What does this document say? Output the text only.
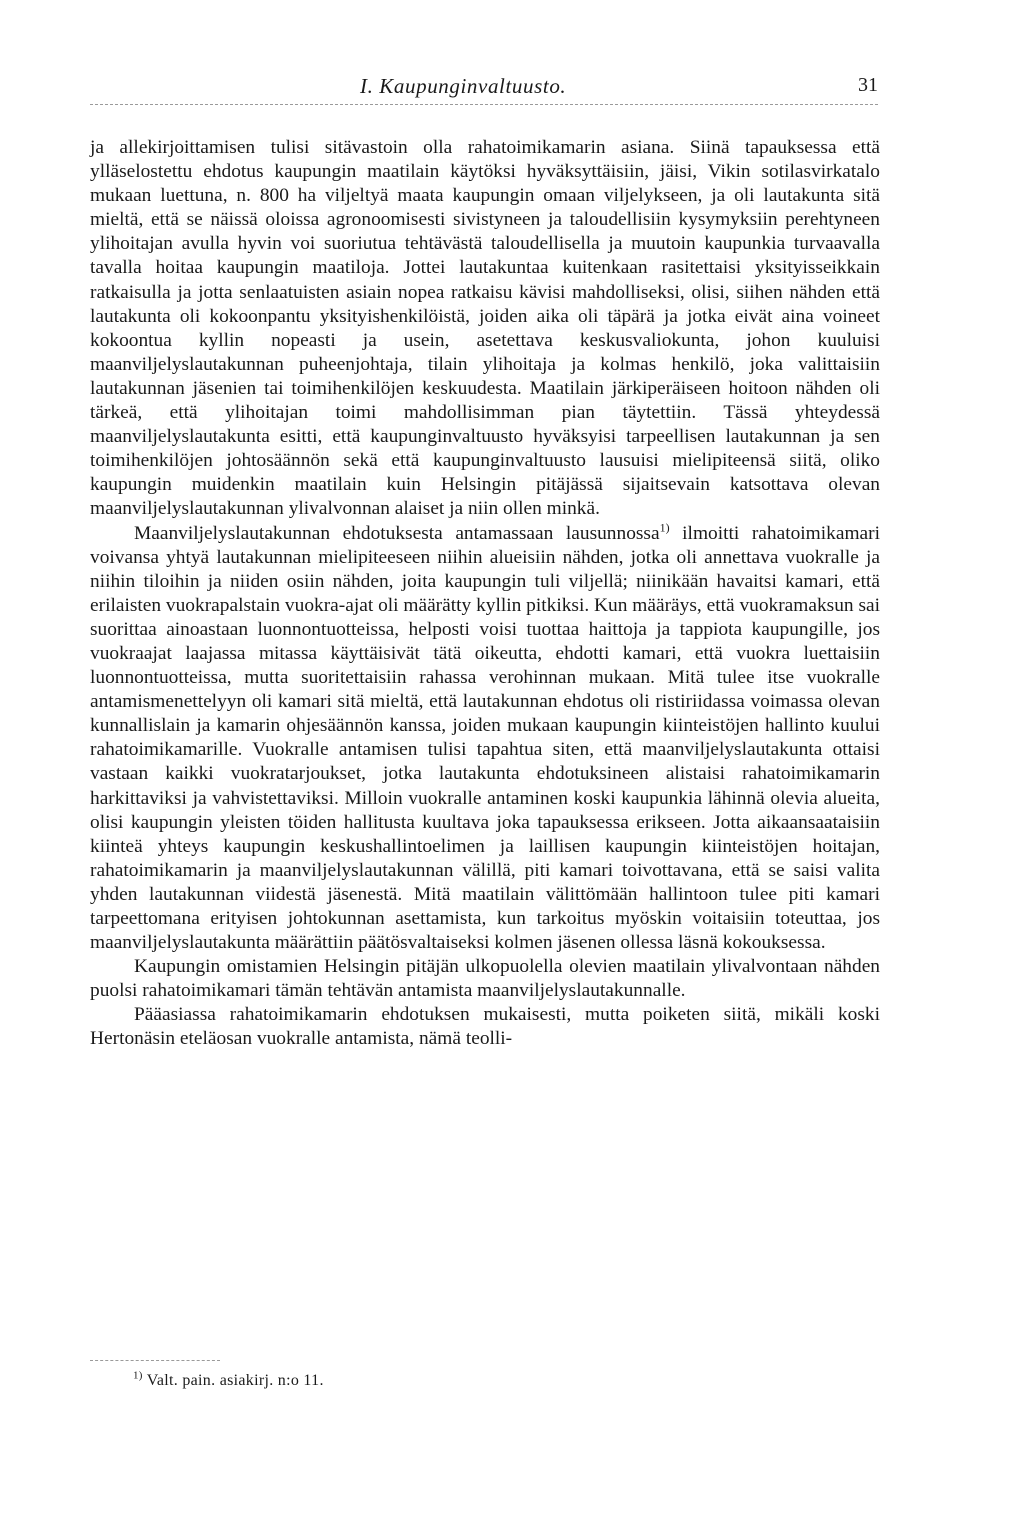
I. Kaupunginvaltuusto.	31

ja allekirjoittamisen tulisi sitävastoin olla rahatoimikamarin asiana. Siinä tapauksessa että ylläselostettu ehdotus kaupungin maatilain käytöksi hyväksyttäisiin, jäisi, Vikin sotilasvirkatalo mukaan luettuna, n. 800 ha viljeltyä maata kaupungin omaan viljelykseen, ja oli lautakunta sitä mieltä, että se näissä oloissa agronoomisesti sivistyneen ja taloudellisiin kysymyksiin perehtyneen ylihoitajan avulla hyvin voi suoriutua tehtävästä taloudellisella ja muutoin kaupunkia turvaavalla tavalla hoitaa kaupungin maatiloja. Jottei lautakuntaa kuitenkaan rasitettaisi yksityisseikkain ratkaisulla ja jotta senlaatuisten asiain nopea ratkaisu kävisi mahdolliseksi, olisi, siihen nähden että lautakunta oli kokoonpantu yksityishenkilöistä, joiden aika oli täpärä ja jotka eivät aina voineet kokoontua kyllin nopeasti ja usein, asetettava keskusvaliokunta, johon kuuluisi maanviljelyslautakunnan puheenjohtaja, tilain ylihoitaja ja kolmas henkilö, joka valittaisiin lautakunnan jäsenien tai toimihenkilöjen keskuudesta. Maatilain järkiperäiseen hoitoon nähden oli tärkeä, että ylihoitajan toimi mahdollisimman pian täytettiin. Tässä yhteydessä maanviljelyslautakunta esitti, että kaupunginvaltuusto hyväksyisi tarpeellisen lautakunnan ja sen toimihenkilöjen johtosäännön sekä että kaupunginvaltuusto lausuisi mielipiteensä siitä, oliko kaupungin muidenkin maatilain kuin Helsingin pitäjässä sijaitsevain katsottava olevan maanviljelyslautakunnan ylivalvonnan alaiset ja niin ollen minkä.

Maanviljelyslautakunnan ehdotuksesta antamassaan lausunnossa$^{1)}$ ilmoitti rahatoimikamari voivansa yhtyä lautakunnan mielipiteeseen niihin alueisiin nähden, jotka oli annettava vuokralle ja niihin tiloihin ja niiden osiin nähden, joita kaupungin tuli viljellä; niinikään havaitsi kamari, että erilaisten vuokrapalstain vuokra-ajat oli määrätty kyllin pitkiksi. Kun määräys, että vuokramaksun sai suorittaa ainoastaan luonnontuotteissa, helposti voisi tuottaa haittoja ja tappiota kaupungille, jos vuokraajat laajassa mitassa käyttäisivät tätä oikeutta, ehdotti kamari, että vuokra luettaisiin luonnontuotteissa, mutta suoritettaisiin rahassa verohinnan mukaan. Mitä tulee itse vuokralle antamismenettelyyn oli kamari sitä mieltä, että lautakunnan ehdotus oli ristiriidassa voimassa olevan kunnallislain ja kamarin ohjesäännön kanssa, joiden mukaan kaupungin kiinteistöjen hallinto kuului rahatoimikamarille. Vuokralle antamisen tulisi tapahtua siten, että maanviljelyslautakunta ottaisi vastaan kaikki vuokratarjoukset, jotka lautakunta ehdotuksineen alistaisi rahatoimikamarin harkittaviksi ja vahvistettaviksi. Milloin vuokralle antaminen koski kaupunkia lähinnä olevia alueita, olisi kaupungin yleisten töiden hallitusta kuultava joka tapauksessa erikseen. Jotta aikaansaataisiin kiinteä yhteys kaupungin keskushallintoelimen ja laillisen kaupungin kiinteistöjen hoitajan, rahatoimikamarin ja maanviljelyslautakunnan välillä, piti kamari toivottavana, että se saisi valita yhden lautakunnan viidestä jäsenestä. Mitä maatilain välittömään hallintoon tulee piti kamari tarpeettomana erityisen johtokunnan asettamista, kun tarkoitus myöskin voitaisiin toteuttaa, jos maanviljelyslautakunta määrättiin päätösvaltaiseksi kolmen jäsenen ollessa läsnä kokouksessa.

Kaupungin omistamien Helsingin pitäjän ulkopuolella olevien maatilain ylivalvontaan nähden puolsi rahatoimikamari tämän tehtävän antamista maanviljelyslautakunnalle.

Pääasiassa rahatoimikamarin ehdotuksen mukaisesti, mutta poiketen siitä, mikäli koski Hertonäsin eteläosan vuokralle antamista, nämä teolli-

$^{1)}$ Valt. pain. asiakirj. n:o 11.
